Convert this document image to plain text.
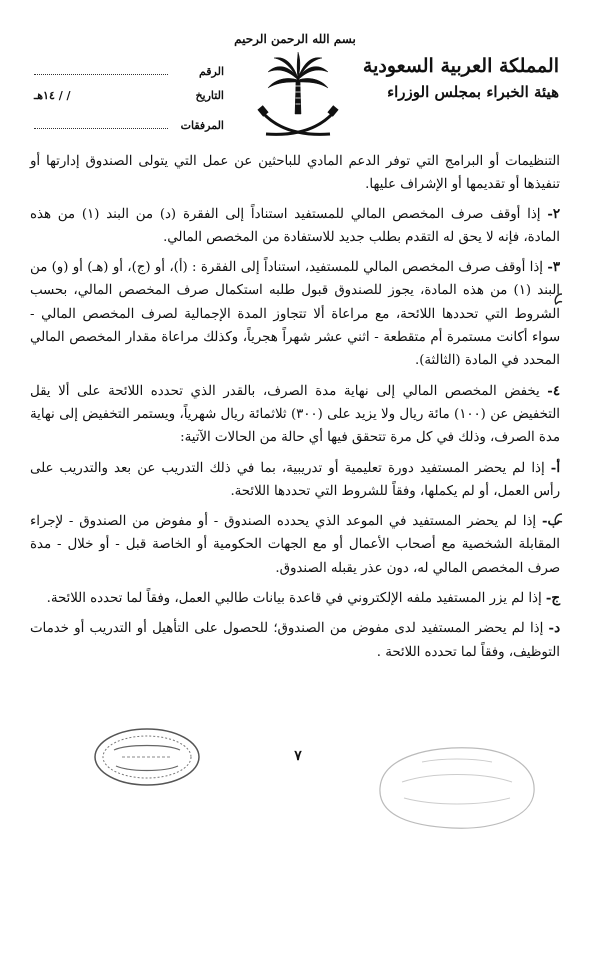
المملكة العربية السعودية
هيئة الخبراء بمجلس الوزراء
بسم الله الرحمن الرحيم
الرقم
التاريخ
/ / ١٤هـ
المرفقات

التنظيمات أو البرامج التي توفر الدعم المادي للباحثين عن عمل التي يتولى الصندوق إدارتها أو تنفيذها أو تقديمها أو الإشراف عليها.

٢- إذا أوقف صرف المخصص المالي للمستفيد استناداً إلى الفقرة (د) من البند (١) من هذه المادة، فإنه لا يحق له التقدم بطلب جديد للاستفادة من المخصص المالي.

٣- إذا أوقف صرف المخصص المالي للمستفيد، استناداً إلى الفقرة : (أ)، أو (ج)، أو (هـ) أو (و) من البند (١) من هذه المادة، يجوز للصندوق قبول طلبه استكمال صرف المخصص المالي، بحسب الشروط التي تحددها اللائحة، مع مراعاة ألا تتجاوز المدة الإجمالية لصرف المخصص المالي - سواء أكانت مستمرة أم متقطعة - اثني عشر شهراً هجرياً، وكذلك مراعاة مقدار المخصص المالي المحدد في المادة (الثالثة).

٤- يخفض المخصص المالي إلى نهاية مدة الصرف، بالقدر الذي تحدده اللائحة على ألا يقل التخفيض عن (١٠٠) مائة ريال ولا يزيد على (٣٠٠) ثلاثمائة ريال شهرياً، ويستمر التخفيض إلى نهاية مدة الصرف، وذلك في كل مرة تتحقق فيها أي حالة من الحالات الآتية:

أ- إذا لم يحضر المستفيد دورة تعليمية أو تدريبية، بما في ذلك التدريب عن بعد والتدريب على رأس العمل، أو لم يكملها، وفقاً للشروط التي تحددها اللائحة.

ب- إذا لم يحضر المستفيد في الموعد الذي يحدده الصندوق - أو مفوض من الصندوق - لإجراء المقابلة الشخصية مع أصحاب الأعمال أو مع الجهات الحكومية أو الخاصة قبل - أو خلال - مدة صرف المخصص المالي له، دون عذر يقبله الصندوق.

ج- إذا لم يزر المستفيد ملفه الإلكتروني في قاعدة بيانات طالبي العمل، وفقاً لما تحدده اللائحة.

د- إذا لم يحضر المستفيد لدى مفوض من الصندوق؛ للحصول على التأهيل أو التدريب أو خدمات التوظيف، وفقاً لما تحدده اللائحة .

٧
